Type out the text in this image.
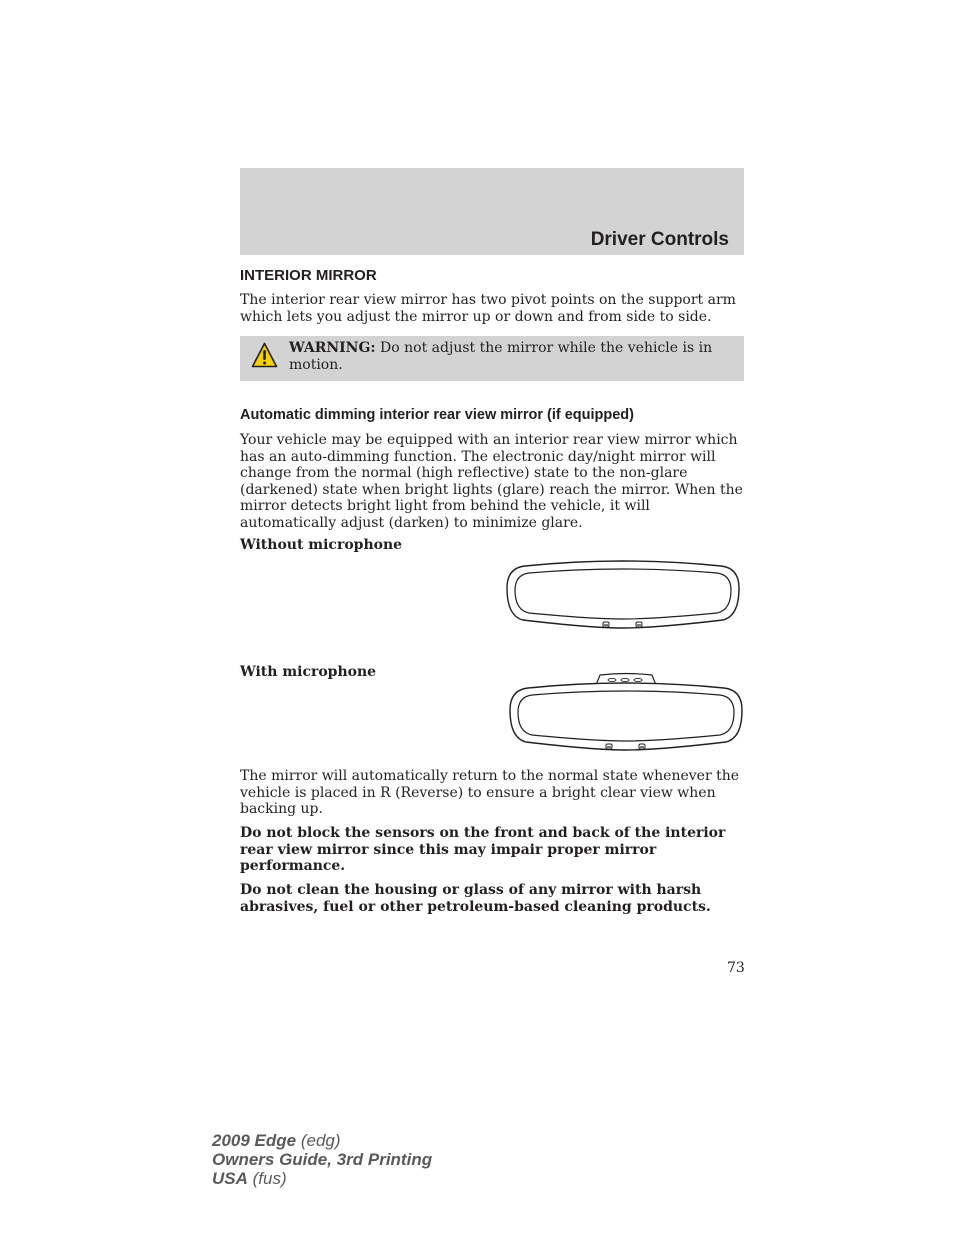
Driver Controls
INTERIOR MIRROR

The interior rear view mirror has two pivot points on the support arm which lets you adjust the mirror up or down and from side to side.

WARNING: Do not adjust the mirror while the vehicle is in motion.
Automatic dimming interior rear view mirror (if equipped)

Your vehicle may be equipped with an interior rear view mirror which has an auto-dimming function. The electronic day/night mirror will change from the normal (high reflective) state to the non-glare (darkened) state when bright lights (glare) reach the mirror. When the mirror detects bright light from behind the vehicle, it will automatically adjust (darken) to minimize glare.

Without microphone
With microphone

The mirror will automatically return to the normal state whenever the vehicle is placed in R (Reverse) to ensure a bright clear view when backing up.

Do not block the sensors on the front and back of the interior rear view mirror since this may impair proper mirror performance.

Do not clean the housing or glass of any mirror with harsh abrasives, fuel or other petroleum-based cleaning products.

73
2009 Edge (edg)
Owners Guide, 3rd Printing
USA (fus)
